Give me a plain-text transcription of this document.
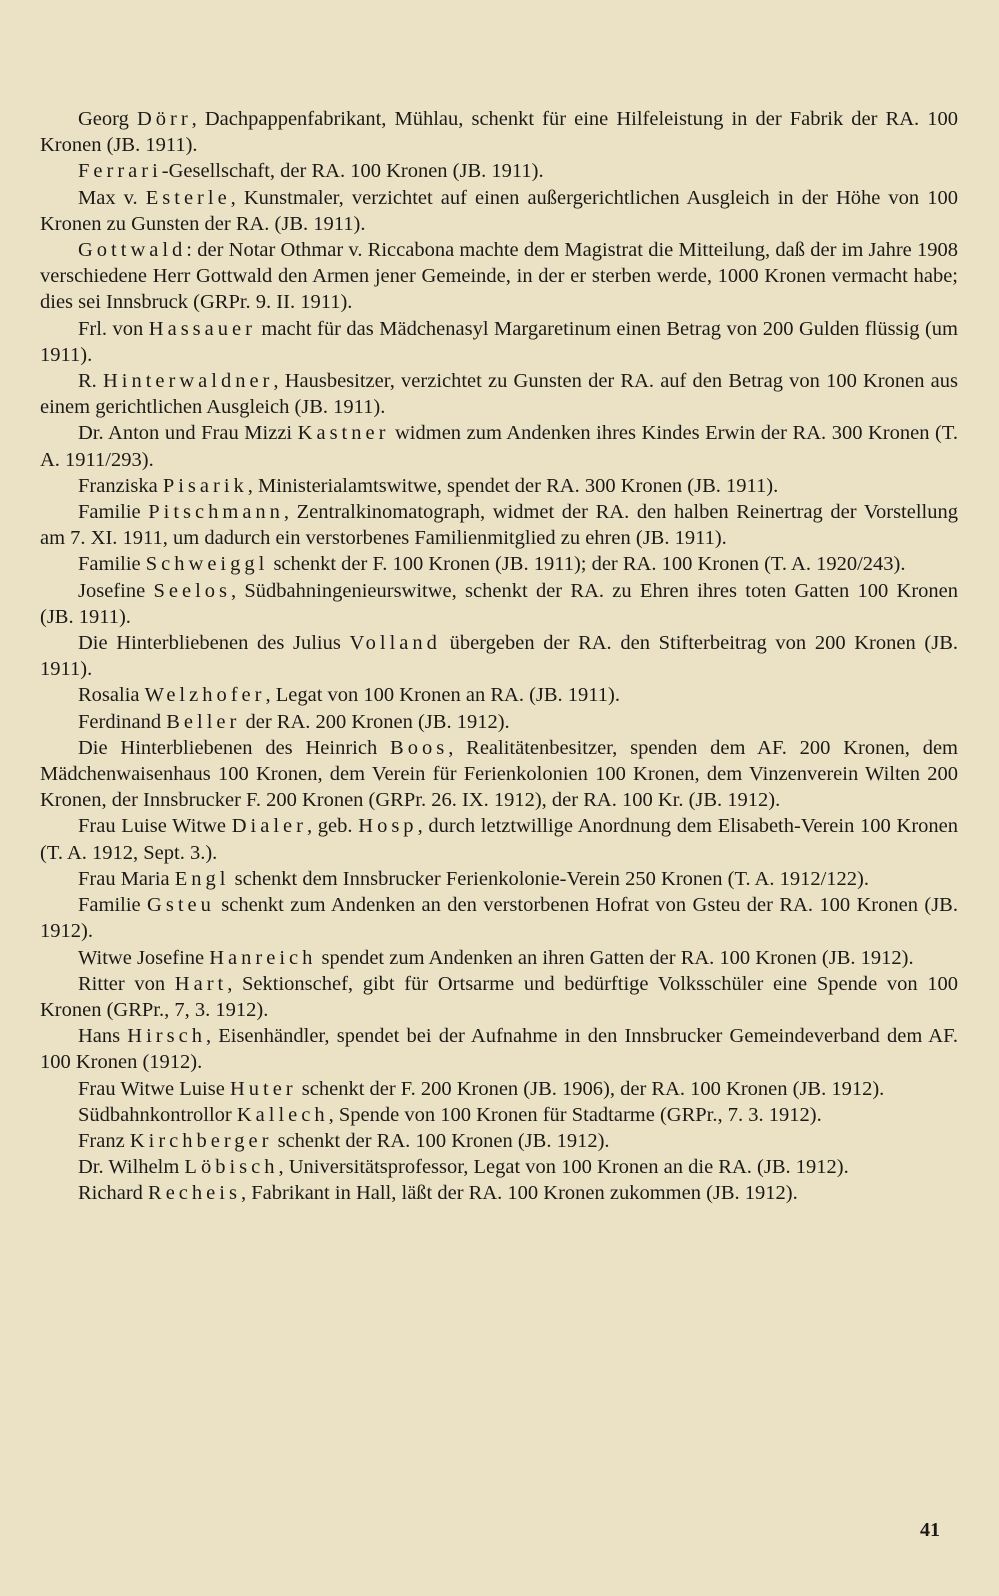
Georg Dörr, Dachpappenfabrikant, Mühlau, schenkt für eine Hilfeleistung in der Fabrik der RA. 100 Kronen (JB. 1911).

Ferrari-Gesellschaft, der RA. 100 Kronen (JB. 1911).

Max v. Esterle, Kunstmaler, verzichtet auf einen außergerichtlichen Ausgleich in der Höhe von 100 Kronen zu Gunsten der RA. (JB. 1911).

Gottwald: der Notar Othmar v. Riccabona machte dem Magistrat die Mitteilung, daß der im Jahre 1908 verschiedene Herr Gottwald den Armen jener Gemeinde, in der er sterben werde, 1000 Kronen vermacht habe; dies sei Innsbruck (GRPr. 9. II. 1911).

Frl. von Hassauer macht für das Mädchenasyl Margaretinum einen Betrag von 200 Gulden flüssig (um 1911).

R. Hinterwaldner, Hausbesitzer, verzichtet zu Gunsten der RA. auf den Betrag von 100 Kronen aus einem gerichtlichen Ausgleich (JB. 1911).

Dr. Anton und Frau Mizzi Kastner widmen zum Andenken ihres Kindes Erwin der RA. 300 Kronen (T. A. 1911/293).

Franziska Pisarik, Ministerialamtswitwe, spendet der RA. 300 Kronen (JB. 1911).

Familie Pitschmann, Zentralkinomatograph, widmet der RA. den halben Reinertrag der Vorstellung am 7. XI. 1911, um dadurch ein verstorbenes Familienmitglied zu ehren (JB. 1911).

Familie Schweiggl schenkt der F. 100 Kronen (JB. 1911); der RA. 100 Kronen (T. A. 1920/243).

Josefine Seelos, Südbahningenieurswitwe, schenkt der RA. zu Ehren ihres toten Gatten 100 Kronen (JB. 1911).

Die Hinterbliebenen des Julius Volland übergeben der RA. den Stifterbeitrag von 200 Kronen (JB. 1911).

Rosalia Welzhofer, Legat von 100 Kronen an RA. (JB. 1911).

Ferdinand Beller der RA. 200 Kronen (JB. 1912).

Die Hinterbliebenen des Heinrich Boos, Realitätenbesitzer, spenden dem AF. 200 Kronen, dem Mädchenwaisenhaus 100 Kronen, dem Verein für Ferienkolonien 100 Kronen, dem Vinzenverein Wilten 200 Kronen, der Innsbrucker F. 200 Kronen (GRPr. 26. IX. 1912), der RA. 100 Kr. (JB. 1912).

Frau Luise Witwe Dialer, geb. Hosp, durch letztwillige Anordnung dem Elisabeth-Verein 100 Kronen (T. A. 1912, Sept. 3.).

Frau Maria Engl schenkt dem Innsbrucker Ferienkolonie-Verein 250 Kronen (T. A. 1912/122).

Familie Gsteu schenkt zum Andenken an den verstorbenen Hofrat von Gsteu der RA. 100 Kronen (JB. 1912).

Witwe Josefine Hanreich spendet zum Andenken an ihren Gatten der RA. 100 Kronen (JB. 1912).

Ritter von Hart, Sektionschef, gibt für Ortsarme und bedürftige Volksschüler eine Spende von 100 Kronen (GRPr., 7, 3. 1912).

Hans Hirsch, Eisenhändler, spendet bei der Aufnahme in den Innsbrucker Gemeindeverband dem AF. 100 Kronen (1912).

Frau Witwe Luise Huter schenkt der F. 200 Kronen (JB. 1906), der RA. 100 Kronen (JB. 1912).

Südbahnkontrollor Kallech, Spende von 100 Kronen für Stadtarme (GRPr., 7. 3. 1912).

Franz Kirchberger schenkt der RA. 100 Kronen (JB. 1912).

Dr. Wilhelm Löbisch, Universitätsprofessor, Legat von 100 Kronen an die RA. (JB. 1912).

Richard Recheis, Fabrikant in Hall, läßt der RA. 100 Kronen zukommen (JB. 1912).

41
